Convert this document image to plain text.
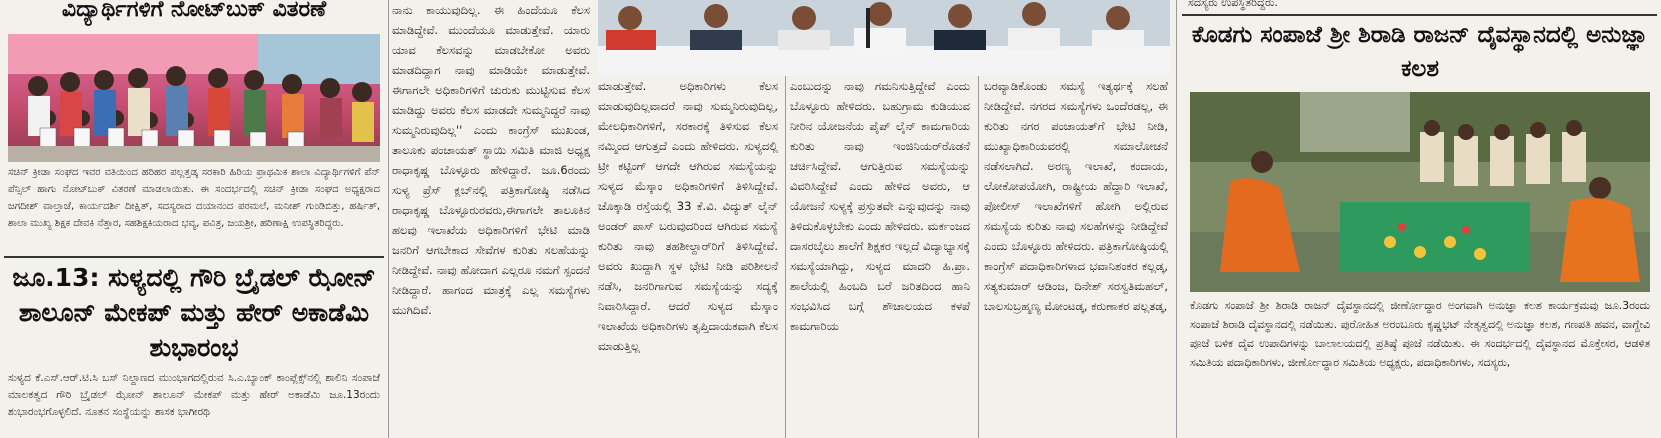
ವಿದ್ಯಾರ್ಥಿಗಳಿಗೆ ನೋಟ್‌ಬುಕ್ ವಿತರಣೆ

ಸಚಿನ್ ಕ್ರೀಡಾ ಸಂಘದ ಇವರ ವತಿಯಿಂದ ಹರಿಹರ ಪಲ್ಲತ್ತಡ್ಕ ಸರಕಾರಿ ಹಿರಿಯ ಪ್ರಾಥಮಿಕ ಶಾಲಾ ವಿದ್ಯಾರ್ಥಿಗಳಿಗೆ ಪೆನ್ ಪೆನ್ಸಿಲ್ ಹಾಗು ನೋಟ್‌ಬುಕ್ ವಿತರಣೆ ಮಾಡಲಾಯಿತು. ಈ ಸಂದರ್ಭದಲ್ಲಿ ಸಚಿನ್ ಕ್ರೀಡಾ ಸಂಘದ ಅಧ್ಯಕ್ಷರಾದ ಜಗದೀಶ್ ವಾಲ್ತಾಜೆ, ಕಾರ್ಯದರ್ಶಿ ದೀಕ್ಷಿತ್, ಸದಸ್ಯರಾದ ದಯಾನಂದ ಪರಮಲೆ, ಮನೀಶ್ ಗುಂಡಿಬಿತ್ತು, ಹರ್ಷಿತ್, ಶಾಲಾ ಮುಖ್ಯ ಶಿಕ್ಷಕ ದೇವಕಿ ನೆತ್ತಾರ, ಸಹಶಿಕ್ಷಕಿಯರಾದ ಭವ್ಯ, ಪವಿತ್ರ, ಜಯಶ್ರೀ, ಹರಿಣಾಕ್ಷಿ ಉಪಸ್ಥಿತರಿದ್ದರು.

ಜೂ.13: ಸುಳ್ಯದಲ್ಲಿ ಗೌರಿ ಬ್ರೈಡಲ್ ಝೋನ್ ಶಾಲೂನ್ ಮೇಕಪ್ ಮತ್ತು ಹೇರ್ ಅಕಾಡೆಮಿ ಶುಭಾರಂಭ

ಸುಳ್ಯದ ಕೆ.ಎಸ್.ಆರ್.ಟಿ.ಸಿ ಬಸ್ ನಿಲ್ದಾಣದ ಮುಂಭಾಗದಲ್ಲಿರುವ ಸಿ.ಎ.ಬ್ಯಾಂಕ್ ಕಾಂಪ್ಲೆಕ್ಸ್‌ನಲ್ಲಿ ಶಾಲಿನಿ ಸಂಪಾಜೆ ಮಾಲಕತ್ವದ ಗೌರಿ ಬ್ರೈಡಲ್ ಝೋನ್ ಶಾಲೂನ್ ಮೇಕಪ್ ಮತ್ತು ಹೇರ್ ಅಕಾಡೆಮಿ ಜೂ.13ರಂದು ಶುಭಾರಂಭಗೊಳ್ಳಲಿದೆ. ನೂತನ ಸಂಸ್ಥೆಯನ್ನು ಶಾಸಕ ಭಾಗೀರಥಿ

ನಾನು ಕಾಯುವುದಿಲ್ಲ. ಈ ಹಿಂದೆಯೂ ಕೆಲಸ ಮಾಡಿದ್ದೇವೆ. ಮುಂದೆಯೂ ಮಾಡುತ್ತೇವೆ. ಯಾರು ಯಾವ ಕೆಲಸವನ್ನು ಮಾಡಬೇಕೋ ಅವರು ಮಾಡದಿದ್ದಾಗ ನಾವು ಮಾಡಿಯೇ ಮಾಡುತ್ತೇವೆ. ಈಗಾಗಲೇ ಅಧಿಕಾರಿಗಳಿಗೆ ಚುರುಕು ಮುಟ್ಟಿಸುವ ಕೆಲಸ ಮಾಡಿದ್ದು ಅವರು ಕೆಲಸ ಮಾಡದೇ ಸುಮ್ಮನಿದ್ದರೆ ನಾವು ಸುಮ್ಮನಿರುವುದಿಲ್ಲ'' ಎಂದು ಕಾಂಗ್ರೆಸ್ ಮುಖಂಡ, ತಾಲೂಕು ಪಂಚಾಯತ್ ಸ್ಥಾಯಿ ಸಮಿತಿ ಮಾಜಿ ಅಧ್ಯಕ್ಷ ರಾಧಾಕೃಷ್ಣ ಬೊಳ್ಳೂರು ಹೇಳಿದ್ದಾರೆ. ಜೂ.6ರಂದು ಸುಳ್ಯ ಪ್ರೆಸ್ ಕ್ಲಬ್‌ನಲ್ಲಿ ಪತ್ರಿಕಾಗೋಷ್ಠಿ ನಡೆಸಿದ ರಾಧಾಕೃಷ್ಣ ಬೊಳ್ಳೂರುರವರು,ಈಗಾಗಲೇ ತಾಲೂಕಿನ ಹಲವು ಇಲಾಖೆಯ ಅಧಿಕಾರಿಗಳಿಗೆ ಭೇಟಿ ಮಾಡಿ ಜನರಿಗೆ ಆಗಬೇಕಾದ ಸೇವೆಗಳ ಕುರಿತು ಸಲಹೆಯನ್ನು ನೀಡಿದ್ದೇವೆ. ನಾವು ಹೋದಾಗ ಎಲ್ಲರೂ ನಮಗೆ ಸ್ಪಂದನೆ ನೀಡಿದ್ದಾರೆ. ಹಾಗಂದ ಮಾತ್ರಕ್ಕೆ ಎಲ್ಲ ಸಮಸ್ಯೆಗಳು ಮುಗಿದಿವೆ.

ಮಾಡುತ್ತೇವೆ. ಅಧಿಕಾರಿಗಳು ಕೆಲಸ ಮಾಡುವುದಿಲ್ಲವಾದರೆ ನಾವು ಸುಮ್ಮನಿರುವುದಿಲ್ಲ, ಮೇಲಧಿಕಾರಿಗಳಿಗೆ, ಸರಕಾರಕ್ಕೆ ತಿಳಿಸುವ ಕೆಲಸ ನಮ್ಮಿಂದ ಆಗುತ್ತದೆ ಎಂದು ಹೇಳಿದರು. ಸುಳ್ಯದಲ್ಲಿ ಟ್ರೀ ಕಟ್ಟಿಂಗ್ ಆಗದೇ ಆಗಿರುವ ಸಮಸ್ಯೆಯನ್ನು ಸುಳ್ಯದ ಮೆಸ್ಕಾಂ ಅಧಿಕಾರಿಗಳಿಗೆ ತಿಳಿಸಿದ್ದೇವೆ. ಚೊಕ್ಕಾಡಿ ರಸ್ತೆಯಲ್ಲಿ 33 ಕೆ.ವಿ. ವಿದ್ಯುತ್ ಲೈನ್ ಅಂಡರ್ ಪಾಸ್ ಬರುವುದರಿಂದ ಆಗಿರುವ ಸಮಸ್ಯೆ ಕುರಿತು ನಾವು ತಹಶೀಲ್ದಾರ್‌ರಿಗೆ ತಿಳಿಸಿದ್ದೇವೆ. ಅವರು ಖುದ್ದಾಗಿ ಸ್ಥಳ ಭೇಟಿ ನೀಡಿ ಪರಿಶೀಲನೆ ನಡೆಸಿ, ಜನರಿಗಾಗುವ ಸಮಸ್ಯೆಯನ್ನು ಸದ್ಯಕ್ಕೆ ನಿವಾರಿಸಿದ್ದಾರೆ. ಆದರೆ ಸುಳ್ಯದ ಮೆಸ್ಕಾಂ ಇಲಾಖೆಯ ಅಧಿಕಾರಿಗಳು ತೃಪ್ತಿದಾಯಕವಾಗಿ ಕೆಲಸ ಮಾಡುತ್ತಿಲ್ಲ

ಎಂಬುದನ್ನು ನಾವು ಗಮನಿಸುತ್ತಿದ್ದೇವೆ ಎಂದು ಬೊಳ್ಳೂರು ಹೇಳಿದರು. ಬಹುಗ್ರಾಮ ಕುಡಿಯುವ ನೀರಿನ ಯೋಜನೆಯ ಪೈಪ್ ಲೈನ್ ಕಾಮಗಾರಿಯ ಕುರಿತು ನಾವು ಇಂಜಿನಿಯರ್‌ರೊಡನೆ ಚರ್ಚಿಸಿದ್ದೇವೆ. ಆಗುತ್ತಿರುವ ಸಮಸ್ಯೆಯನ್ನು ವಿವರಿಸಿದ್ದೇವೆ ಎಂದು ಹೇಳಿದ ಅವರು, ಆ ಯೋಜನೆ ಸುಳ್ಯಕ್ಕೆ ಪ್ರಸ್ತುತವೇ ಎನ್ನುವುದನ್ನು ನಾವು ತಿಳಿದುಕೊಳ್ಳಬೇಕು ಎಂದು ಹೇಳಿದರು. ಮರ್ಕಂಜದ ದಾಸರಬೈಲು ಶಾಲೆಗೆ ಶಿಕ್ಷಕರ ಇಲ್ಲದೆ ವಿದ್ಯಾಭ್ಯಾಸಕ್ಕೆ ಸಮಸ್ಯೆಯಾಗಿದ್ದು, ಸುಳ್ಯದ ಮಾದರಿ ಹಿ.ಪ್ರಾ. ಶಾಲೆಯಲ್ಲಿ ಹಿಂಬದಿ ಬರೆ ಜರಿತದಿಂದ ಹಾನಿ ಸಂಭವಿಸಿದ ಬಗ್ಗೆ ಶೌಚಾಲಯದ ಕಳಪೆ ಕಾಮಗಾರಿಯ

ಬರವ್ಯಾಡಿಕೊಂಡು ಸಮಸ್ಯೆ ಇತ್ಯರ್ಥಕ್ಕೆ ಸಲಹೆ ನೀಡಿದ್ದೇವೆ. ನಗರದ ಸಮಸ್ಯೆಗಳು ಒಂದೆರಡಲ್ಲ, ಈ ಕುರಿತು ನಗರ ಪಂಚಾಯತ್‌ಗೆ ಭೇಟಿ ನೀಡಿ, ಮುಖ್ಯಾಧಿಕಾರಿಯವರಲ್ಲಿ ಸಮಾಲೋಚನೆ ನಡೆಸಲಾಗಿದೆ. ಅರಣ್ಯ ಇಲಾಖೆ, ಕಂದಾಯ, ಲೋಕೋಪಯೋಗಿ, ರಾಷ್ಟ್ರೀಯ ಹೆದ್ದಾರಿ ಇಲಾಖೆ, ಪೋಲೀಸ್ ಇಲಾಖೆಗಳಿಗೆ ಹೋಗಿ ಅಲ್ಲಿರುವ ಸಮಸ್ಯೆಯ ಕುರಿತು ನಾವು ಸಲಹೆಗಳನ್ನು ನೀಡಿದ್ದೇವೆ ಎಂದು ಬೊಳ್ಳೂರು ಹೇಳಿದರು. ಪತ್ರಿಕಾಗೋಷ್ಠಿಯಲ್ಲಿ ಕಾಂಗ್ರೆಸ್ ಪದಾಧಿಕಾರಿಗಳಾದ ಭವಾನಿಶಂಕರ ಕಲ್ಲಡ್ಕ, ಸತ್ಯಕುಮಾರ್ ಆಡಿಂಜ, ದಿನೇಶ್ ಸರಸ್ವತಿಮಹಲ್, ಬಾಲಸುಬ್ರಹ್ಮಣ್ಯ ಮೋಂಟಡ್ಕ, ಕರುಣಾಕರ ಪಲ್ಲತಡ್ಕ,

ಸದಸ್ಯರು ಉಪಸ್ಥಿತರಿದ್ದರು.
ಕೊಡಗು ಸಂಪಾಜೆ ಶ್ರೀ ಶಿರಾಡಿ ರಾಜನ್ ದೈವಸ್ಥಾನದಲ್ಲಿ ಅನುಜ್ಞಾ ಕಲಶ

ಕೊಡಗು ಸಂಪಾಜೆ ಶ್ರೀ ಶಿರಾಡಿ ರಾಜನ್ ದೈವಸ್ಥಾನದಲ್ಲಿ ಜೀರ್ಣೋದ್ಧಾರ ಅಂಗವಾಗಿ ಅನುಜ್ಞಾ ಕಲಶ ಕಾರ್ಯಕ್ರಮವು ಜೂ.3ರಂದು ಸಂಪಾಜೆ ಶಿರಾಡಿ ದೈವಸ್ಥಾನದಲ್ಲಿ ನಡೆಯಿತು. ಪುರೋಹಿತ ಅರಂಬೂರು ಕೃಷ್ಣಭಟ್ ನೇತೃತ್ವದಲ್ಲಿ ಅನುಜ್ಞಾ ಕಲಶ, ಗಣಪತಿ ಹವನ, ವಾಗ್ದೇವಿ ಪೂಜೆ ಬಳಿಕ ದೈವ ಉಪಾದಿಗಳನ್ನು ಬಾಲಾಲಯದಲ್ಲಿ ಪ್ರತಿಷ್ಠೆ ಪೂಜೆ ನಡೆಯಿತು. ಈ ಸಂದರ್ಭದಲ್ಲಿ ದೈವಸ್ಥಾನದ ಮೊಕ್ತೇಸರ, ಆಡಳಿತ ಸಮಿತಿಯ ಪದಾಧಿಕಾರಿಗಳು, ಜೀರ್ಣೋದ್ಧಾರ ಸಮಿತಿಯ ಅಧ್ಯಕ್ಷರು, ಪದಾಧಿಕಾರಿಗಳು, ಸದಸ್ಯರು,
